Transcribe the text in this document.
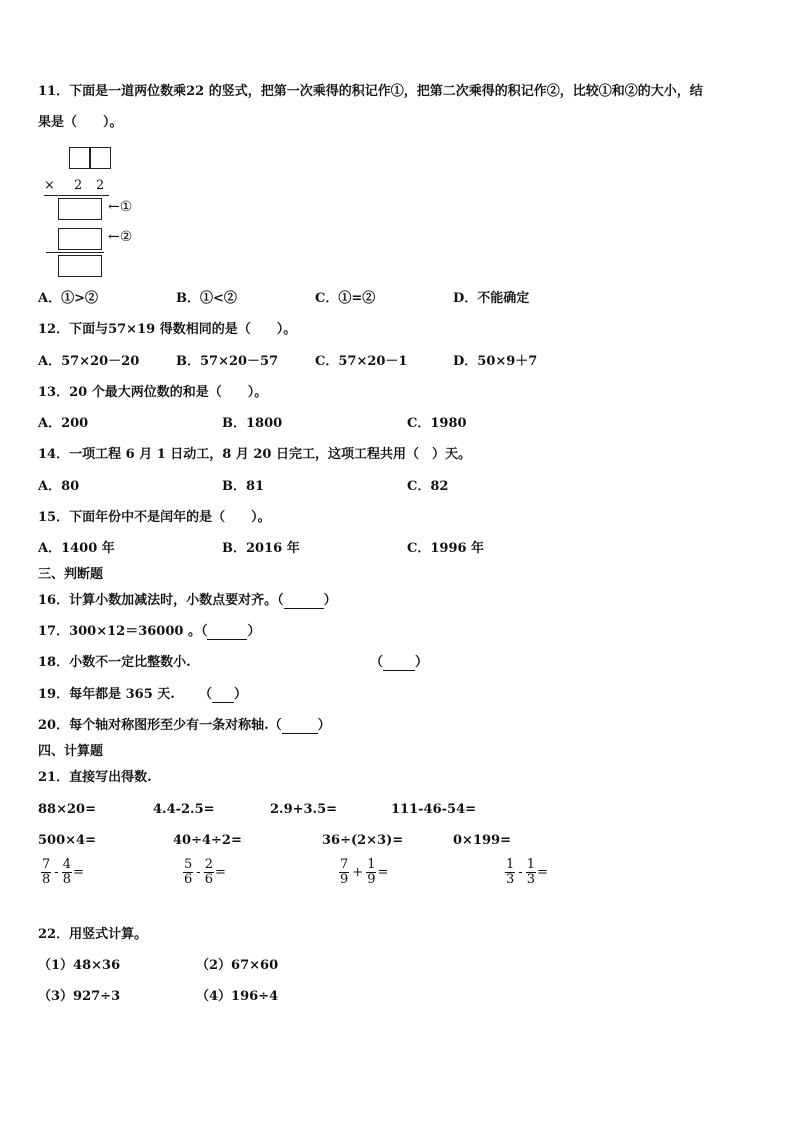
11．下面是一道两位数乘22 的竖式，把第一次乘得的积记作①，把第二次乘得的积记作②，比较①和②的大小，结
果是（　　）。
× 2 2
←①
←②
A．①>②	B．①<②	C．①=②	D．不能确定
12．下面与57×19 得数相同的是（　　）。
A．57×20－20	B．57×20－57	C．57×20－1	D．50×9＋7
13．20 个最大两位数的和是（　　）。
A．200	B．1800	C．1980
14．一项工程 6 月 1 日动工，8 月 20 日完工，这项工程共用（　）天。
A．80	B．81	C．82
15．下面年份中不是闰年的是（　　）。
A．1400 年	B．2016 年	C．1996 年
三、判断题
16．计算小数加减法时，小数点要对齐。（	）
17．300×12＝36000 。（	）
18．小数不一定比整数小.	（ ）
19．每年都是 365 天. （ ）
20．每个轴对称图形至少有一条对称轴.（	）
四、计算题
21．直接写出得数.
88×20=	4.4-2.5=	2.9+3.5=	111-46-54=
500×4=	40÷4÷2=	36÷(2×3)=	0×199=
$\frac{7}{8} - \frac{4}{8}$ =	$\frac{5}{6} - \frac{2}{6}$ =	$\frac{7}{9} + \frac{1}{9}$ =	$\frac{1}{3} - \frac{1}{3}$ =
22．用竖式计算。
（1）48×36	（2）67×60
（3）927÷3	（4）196÷4
